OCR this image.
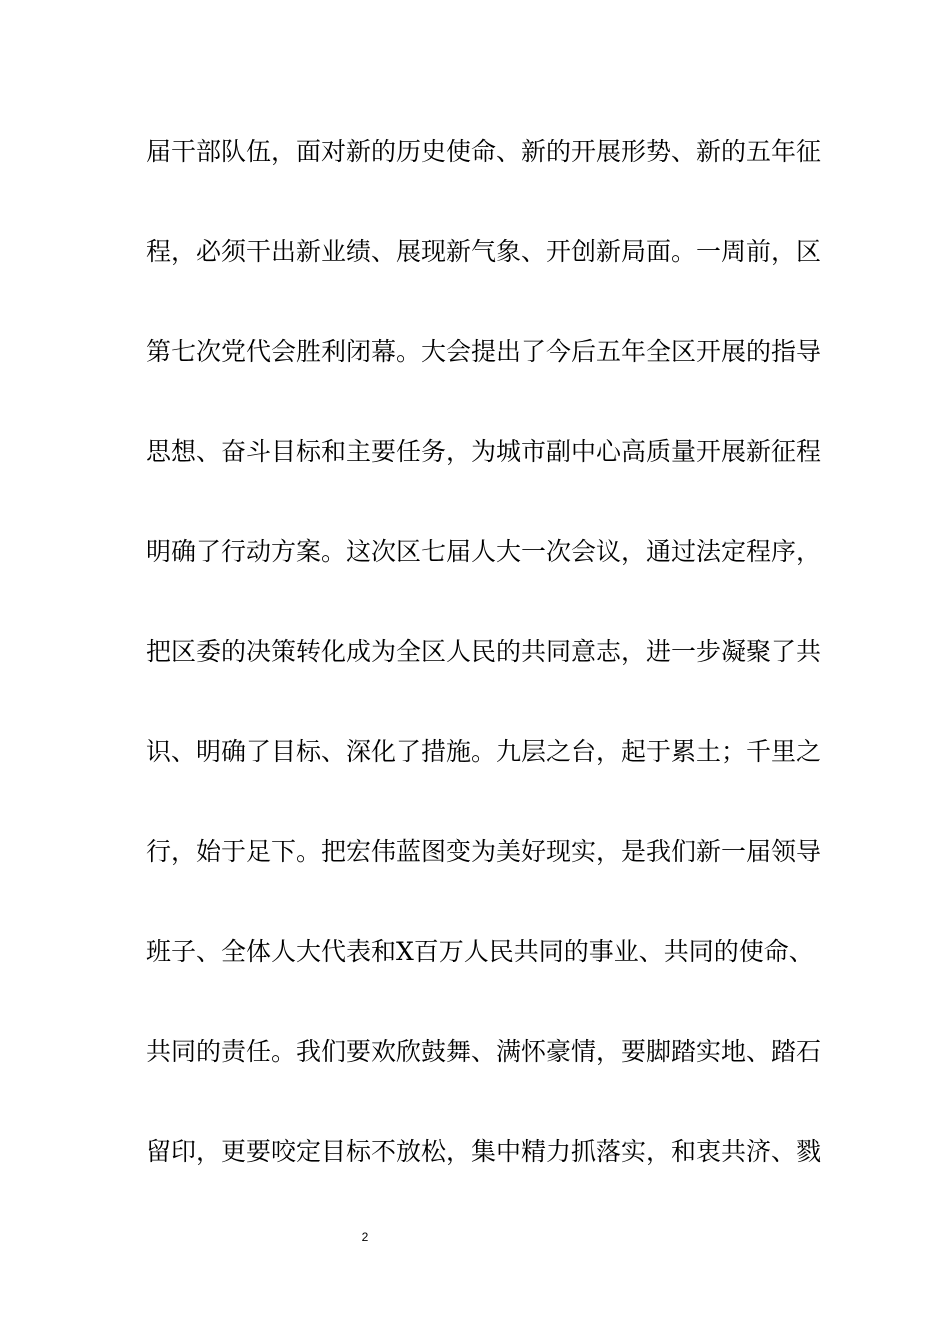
届干部队伍，面对新的历史使命、新的开展形势、新的五年征
程，必须干出新业绩、展现新气象、开创新局面。一周前，区
第七次党代会胜利闭幕。大会提出了今后五年全区开展的指导
思想、奋斗目标和主要任务，为城市副中心高质量开展新征程
明确了行动方案。这次区七届人大一次会议，通过法定程序，
把区委的决策转化成为全区人民的共同意志，进一步凝聚了共
识、明确了目标、深化了措施。九层之台，起于累土；千里之
行，始于足下。把宏伟蓝图变为美好现实，是我们新一届领导
班子、全体人大代表和X百万人民共同的事业、共同的使命、
共同的责任。我们要欢欣鼓舞、满怀豪情，要脚踏实地、踏石
留印，更要咬定目标不放松，集中精力抓落实，和衷共济、戮
2
